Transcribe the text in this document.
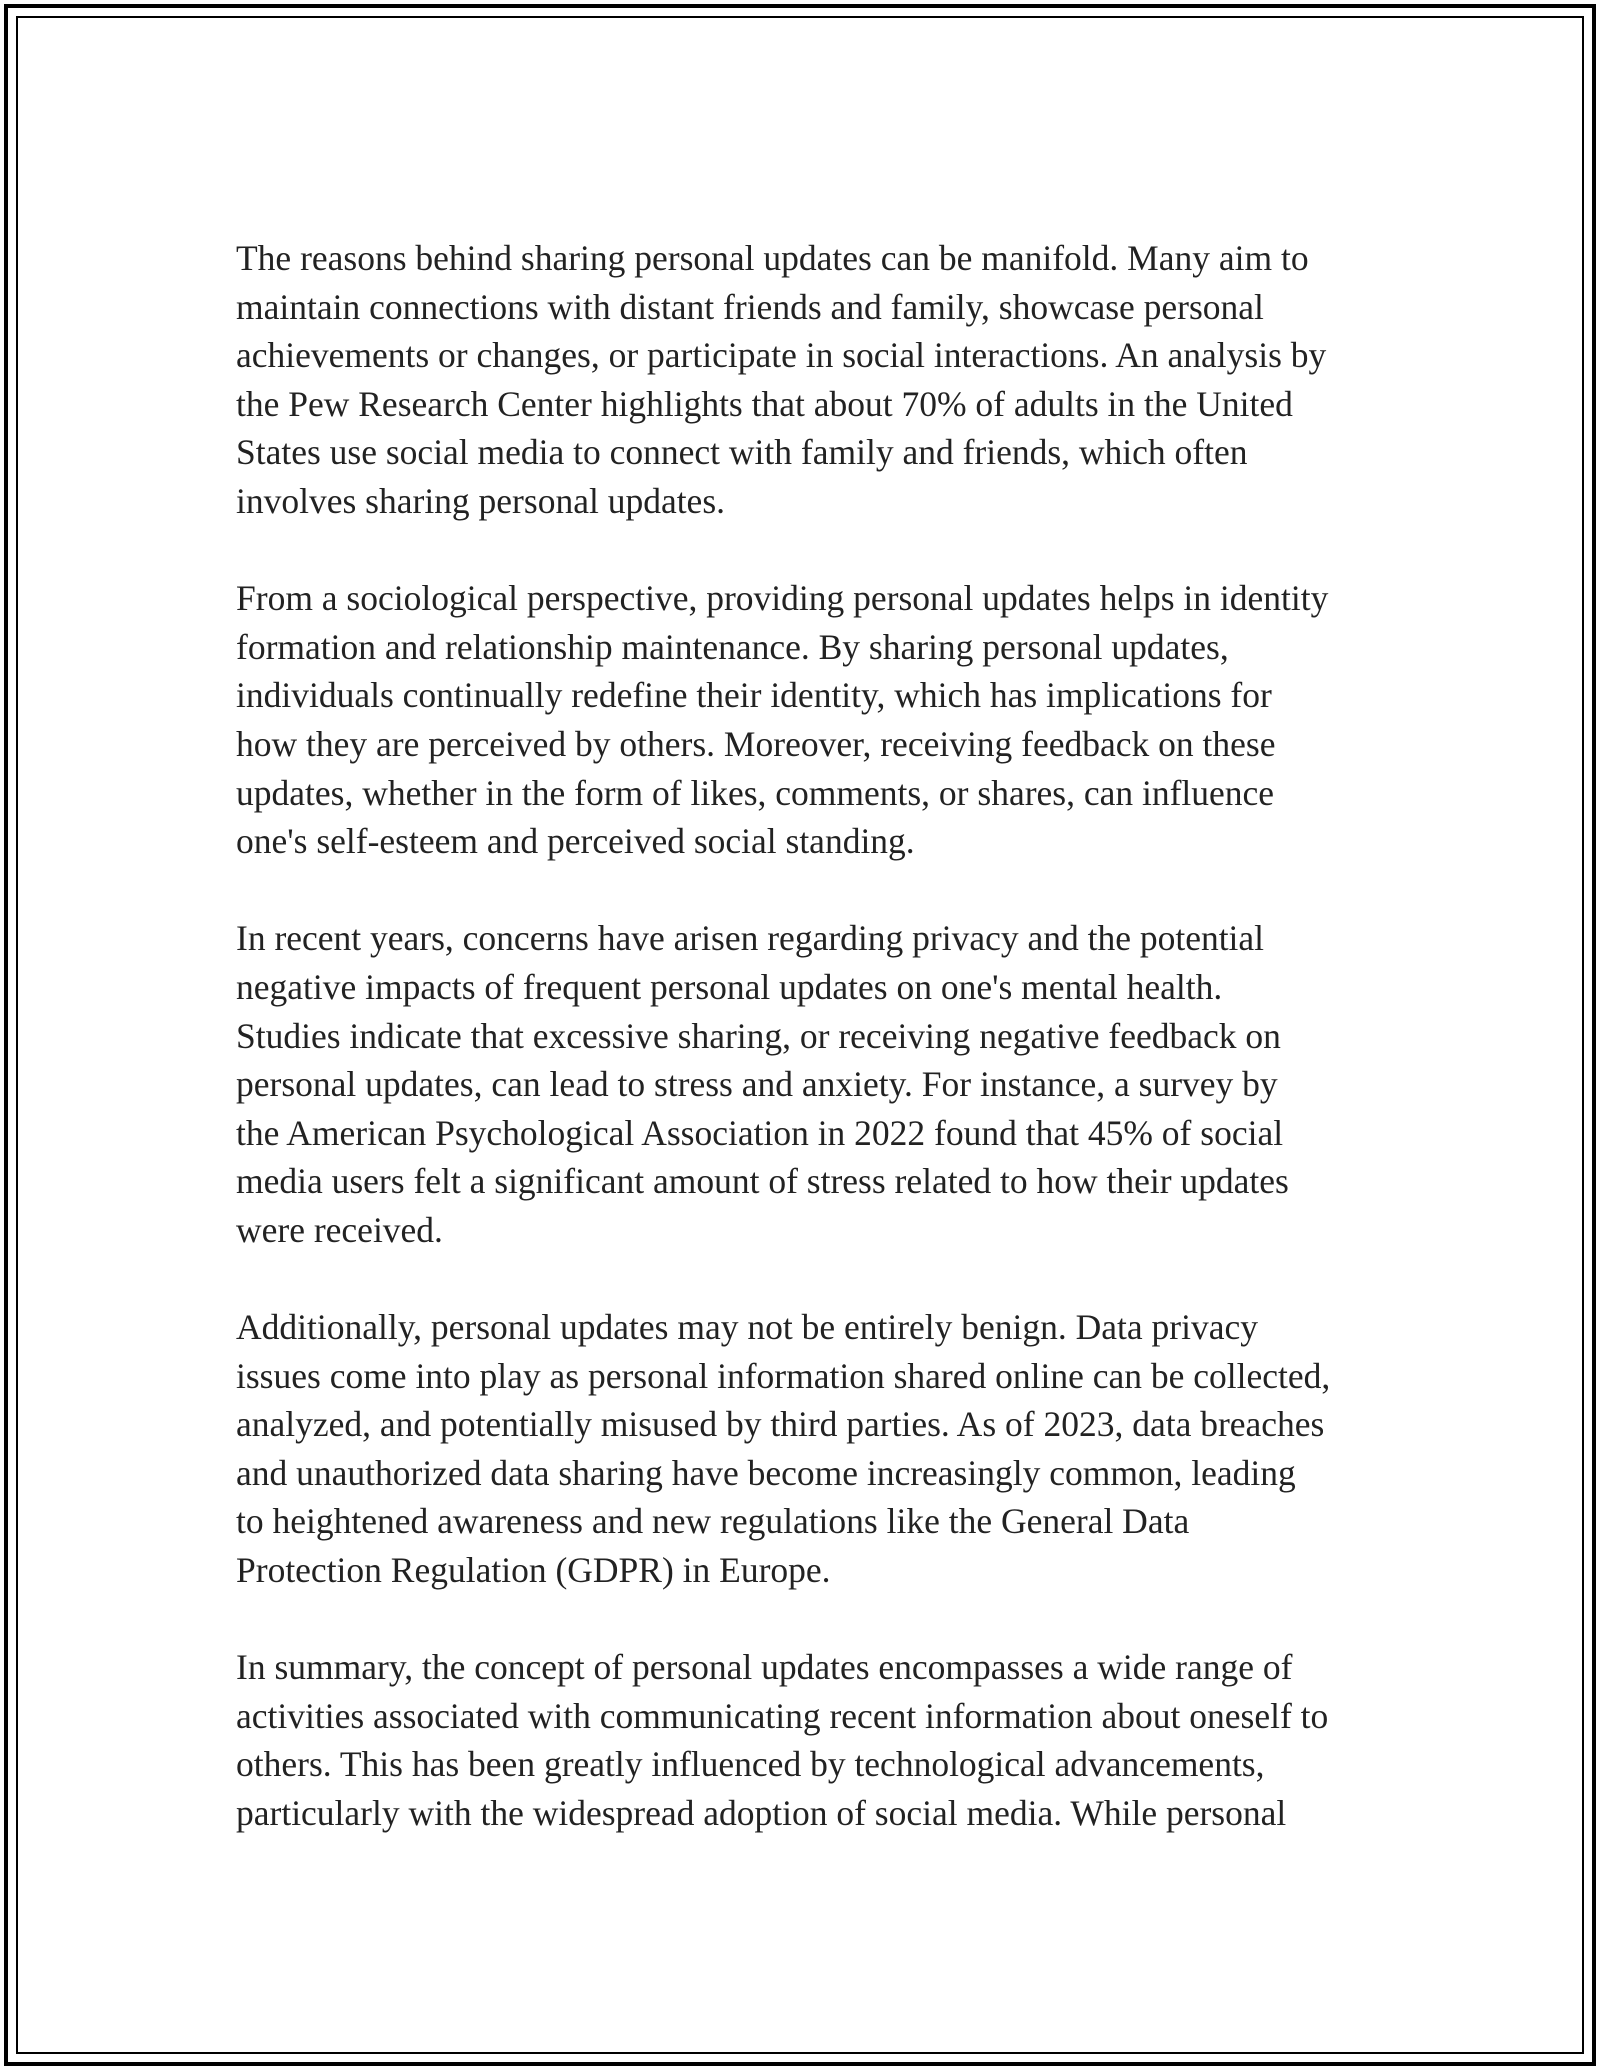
The reasons behind sharing personal updates can be manifold. Many aim to
maintain connections with distant friends and family, showcase personal
achievements or changes, or participate in social interactions. An analysis by
the Pew Research Center highlights that about 70% of adults in the United
States use social media to connect with family and friends, which often
involves sharing personal updates.
From a sociological perspective, providing personal updates helps in identity
formation and relationship maintenance. By sharing personal updates,
individuals continually redefine their identity, which has implications for
how they are perceived by others. Moreover, receiving feedback on these
updates, whether in the form of likes, comments, or shares, can influence
one's self-esteem and perceived social standing.
In recent years, concerns have arisen regarding privacy and the potential
negative impacts of frequent personal updates on one's mental health.
Studies indicate that excessive sharing, or receiving negative feedback on
personal updates, can lead to stress and anxiety. For instance, a survey by
the American Psychological Association in 2022 found that 45% of social
media users felt a significant amount of stress related to how their updates
were received.
Additionally, personal updates may not be entirely benign. Data privacy
issues come into play as personal information shared online can be collected,
analyzed, and potentially misused by third parties. As of 2023, data breaches
and unauthorized data sharing have become increasingly common, leading
to heightened awareness and new regulations like the General Data
Protection Regulation (GDPR) in Europe.
In summary, the concept of personal updates encompasses a wide range of
activities associated with communicating recent information about oneself to
others. This has been greatly influenced by technological advancements,
particularly with the widespread adoption of social media. While personal
